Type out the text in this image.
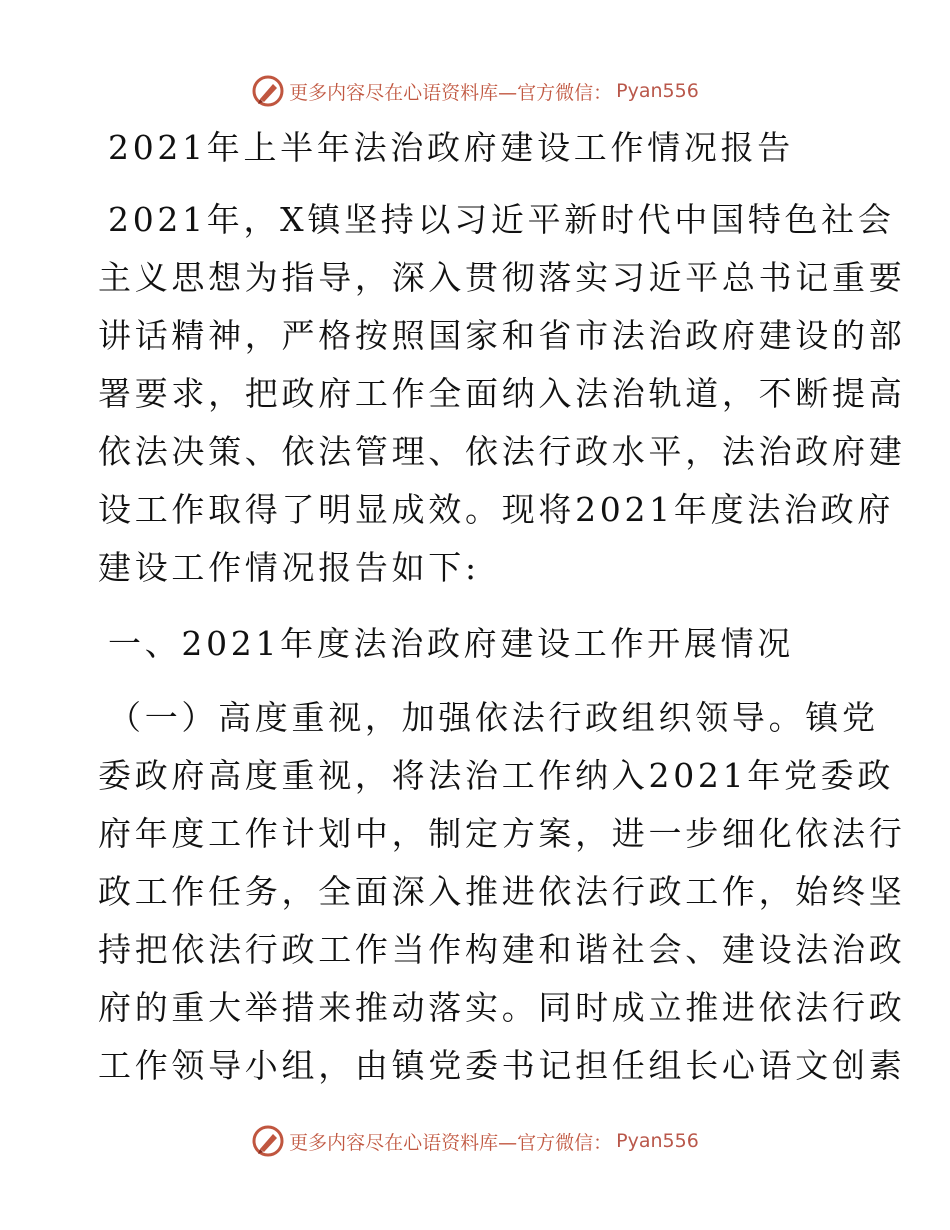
更多内容尽在心语资料库—官方微信： Pyan556
2021年上半年法治政府建设工作情况报告
2021年，X镇坚持以习近平新时代中国特色社会
主义思想为指导，深入贯彻落实习近平总书记重要
讲话精神，严格按照国家和省市法治政府建设的部
署要求，把政府工作全面纳入法治轨道，不断提高
依法决策、依法管理、依法行政水平，法治政府建
设工作取得了明显成效。现将2021年度法治政府
建设工作情况报告如下:
一、2021年度法治政府建设工作开展情况
（一）高度重视，加强依法行政组织领导。镇党
委政府高度重视，将法治工作纳入2021年党委政
府年度工作计划中，制定方案，进一步细化依法行
政工作任务，全面深入推进依法行政工作，始终坚
持把依法行政工作当作构建和谐社会、建设法治政
府的重大举措来推动落实。同时成立推进依法行政
工作领导小组，由镇党委书记担任组长心语文创素
更多内容尽在心语资料库—官方微信： Pyan556
